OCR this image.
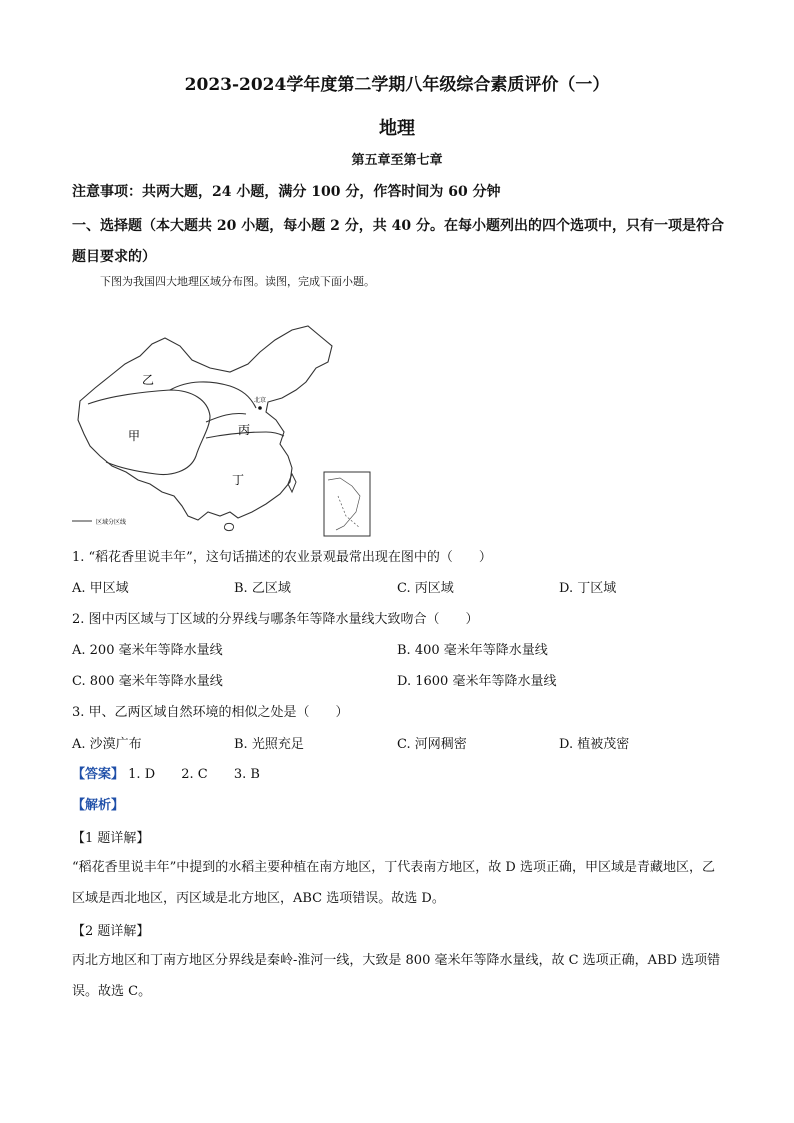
2023-2024学年度第二学期八年级综合素质评价（一）
地理
第五章至第七章
注意事项：共两大题，24 小题，满分 100 分，作答时间为 60 分钟
一、选择题（本大题共 20 小题，每小题 2 分，共 40 分。在每小题列出的四个选项中，只有一项是符合题目要求的）
下图为我国四大地理区域分布图。读图，完成下面小题。
乙
甲	丙
丁
北京
区域分区线
1. “稻花香里说丰年”，这句话描述的农业景观最常出现在图中的（　　）
A. 甲区域	B. 乙区域	C. 丙区域	D. 丁区域
2. 图中丙区域与丁区域的分界线与哪条年等降水量线大致吻合（　　）
A. 200 毫米年等降水量线	B. 400 毫米年等降水量线
C. 800 毫米年等降水量线	D. 1600 毫米年等降水量线
3. 甲、乙两区域自然环境的相似之处是（　　）
A. 沙漠广布	B. 光照充足	C. 河网稠密	D. 植被茂密
【答案】 1. D 2. C 3. B
【解析】
【1 题详解】
“稻花香里说丰年”中提到的水稻主要种植在南方地区，丁代表南方地区，故 D 选项正确，甲区域是青藏地区，乙区域是西北地区，丙区域是北方地区，ABC 选项错误。故选 D。
【2 题详解】
丙北方地区和丁南方地区分界线是秦岭-淮河一线，大致是 800 毫米年等降水量线，故 C 选项正确，ABD 选项错误。故选 C。
